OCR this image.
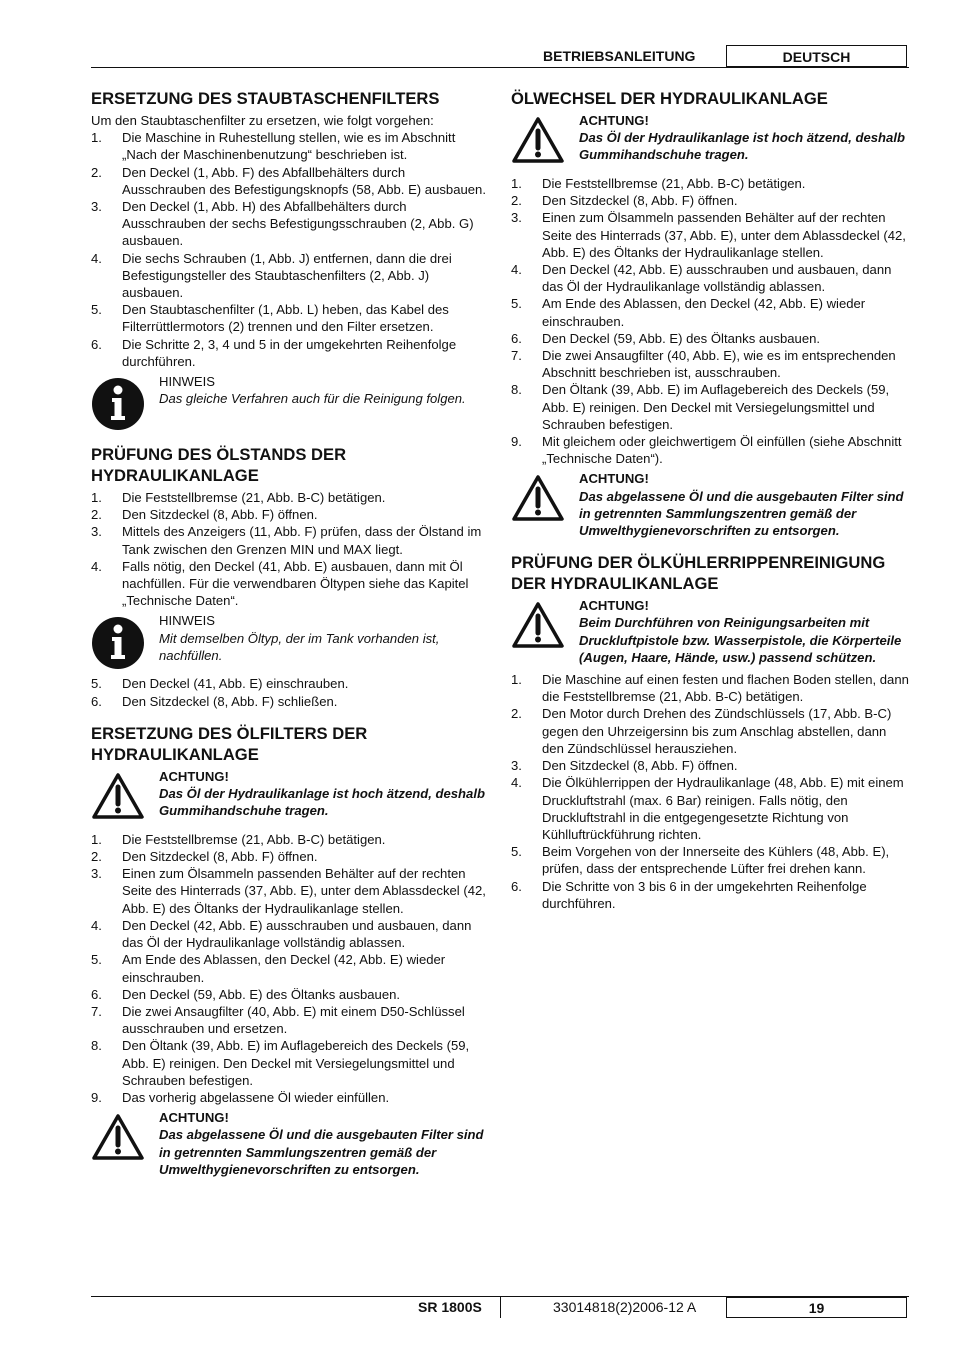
BETRIEBSANLEITUNG	DEUTSCH
ERSETZUNG DES STAUBTASCHENFILTERS

Um den Staubtaschenfilter zu ersetzen, wie folgt vorgehen:

1. Die Maschine in Ruhestellung stellen, wie es im Abschnitt „Nach der Maschinenbenutzung“ beschrieben ist.
2. Den Deckel (1, Abb. F) des Abfallbehälters durch Ausschrauben des Befestigungsknopfs (58, Abb. E) ausbauen.
3. Den Deckel (1, Abb. H) des Abfallbehälters durch Ausschrauben der sechs Befestigungsschrauben (2, Abb. G) ausbauen.
4. Die sechs Schrauben (1, Abb. J) entfernen, dann die drei Befestigungsteller des Staubtaschenfilters (2, Abb. J) ausbauen.
5. Den Staubtaschenfilter (1, Abb. L) heben, das Kabel des Filterrüttlermotors (2) trennen und den Filter ersetzen.
6. Die Schritte 2, 3, 4 und 5 in der umgekehrten Reihenfolge durchführen.
HINWEIS
Das gleiche Verfahren auch für die Reinigung folgen.
PRÜFUNG DES ÖLSTANDS DER HYDRAULIKANLAGE
1. Die Feststellbremse (21, Abb. B-C) betätigen.
2. Den Sitzdeckel (8, Abb. F) öffnen.
3. Mittels des Anzeigers (11, Abb. F) prüfen, dass der Ölstand im Tank zwischen den Grenzen MIN und MAX liegt.
4. Falls nötig, den Deckel (41, Abb. E) ausbauen, dann mit Öl nachfüllen. Für die verwendbaren Öltypen siehe das Kapitel „Technische Daten“.
HINWEIS
Mit demselben Öltyp, der im Tank vorhanden ist, nachfüllen.
5. Den Deckel (41, Abb. E) einschrauben.
6. Den Sitzdeckel (8, Abb. F) schließen.
ERSETZUNG DES ÖLFILTERS DER HYDRAULIKANLAGE
ACHTUNG!
Das Öl der Hydraulikanlage ist hoch ätzend, deshalb Gummihandschuhe tragen.
1. Die Feststellbremse (21, Abb. B-C) betätigen.
2. Den Sitzdeckel (8, Abb. F) öffnen.
3. Einen zum Ölsammeln passenden Behälter auf der rechten Seite des Hinterrads (37, Abb. E), unter dem Ablassdeckel (42, Abb. E) des Öltanks der Hydraulikanlage stellen.
4. Den Deckel (42, Abb. E) ausschrauben und ausbauen, dann das Öl der Hydraulikanlage vollständig ablassen.
5. Am Ende des Ablassen, den Deckel (42, Abb. E) wieder einschrauben.
6. Den Deckel (59, Abb. E) des Öltanks ausbauen.
7. Die zwei Ansaugfilter (40, Abb. E) mit einem D50-Schlüssel ausschrauben und ersetzen.
8. Den Öltank (39, Abb. E) im Auflagebereich des Deckels (59, Abb. E) reinigen. Den Deckel mit Versiegelungsmittel und Schrauben befestigen.
9. Das vorherig abgelassene Öl wieder einfüllen.
ACHTUNG!
Das abgelassene Öl und die ausgebauten Filter sind in getrennten Sammlungszentren gemäß der Umwelthygienevorschriften zu entsorgen.
ÖLWECHSEL DER HYDRAULIKANLAGE
ACHTUNG!
Das Öl der Hydraulikanlage ist hoch ätzend, deshalb Gummihandschuhe tragen.
1. Die Feststellbremse (21, Abb. B-C) betätigen.
2. Den Sitzdeckel (8, Abb. F) öffnen.
3. Einen zum Ölsammeln passenden Behälter auf der rechten Seite des Hinterrads (37, Abb. E), unter dem Ablassdeckel (42, Abb. E) des Öltanks der Hydraulikanlage stellen.
4. Den Deckel (42, Abb. E) ausschrauben und ausbauen, dann das Öl der Hydraulikanlage vollständig ablassen.
5. Am Ende des Ablassen, den Deckel (42, Abb. E) wieder einschrauben.
6. Den Deckel (59, Abb. E) des Öltanks ausbauen.
7. Die zwei Ansaugfilter (40, Abb. E), wie es im entsprechenden Abschnitt beschrieben ist, ausschrauben.
8. Den Öltank (39, Abb. E) im Auflagebereich des Deckels (59, Abb. E) reinigen. Den Deckel mit Versiegelungsmittel und Schrauben befestigen.
9. Mit gleichem oder gleichwertigem Öl einfüllen (siehe Abschnitt „Technische Daten“).
ACHTUNG!
Das abgelassene Öl und die ausgebauten Filter sind in getrennten Sammlungszentren gemäß der Umwelthygienevorschriften zu entsorgen.
PRÜFUNG DER ÖLKÜHLERRIPPENREINIGUNG DER HYDRAULIKANLAGE
ACHTUNG!
Beim Durchführen von Reinigungsarbeiten mit Druckluftpistole bzw. Wasserpistole, die Körperteile (Augen, Haare, Hände, usw.) passend schützen.
1. Die Maschine auf einen festen und flachen Boden stellen, dann die Feststellbremse (21, Abb. B-C) betätigen.
2. Den Motor durch Drehen des Zündschlüssels (17, Abb. B-C) gegen den Uhrzeigersinn bis zum Anschlag abstellen, dann den Zündschlüssel herausziehen.
3. Den Sitzdeckel (8, Abb. F) öffnen.
4. Die Ölkühlerrippen der Hydraulikanlage (48, Abb. E) mit einem Druckluftstrahl (max. 6 Bar) reinigen. Falls nötig, den Druckluftstrahl in die entgegengesetzte Richtung von Kühlluftrückführung richten.
5. Beim Vorgehen von der Innerseite des Kühlers (48, Abb. E), prüfen, dass der entsprechende Lüfter frei drehen kann.
6. Die Schritte von 3 bis 6 in der umgekehrten Reihenfolge durchführen.
SR 1800S	33014818(2)2006-12 A	19
